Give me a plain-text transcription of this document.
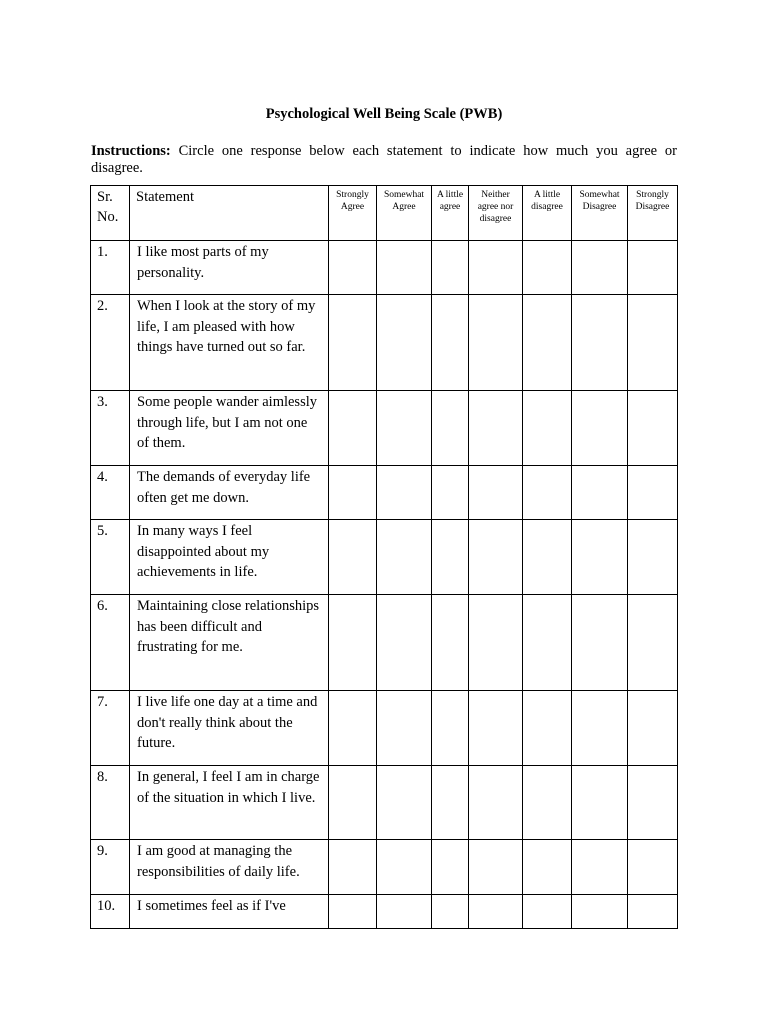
Psychological Well Being Scale (PWB)
Instructions: Circle one response below each statement to indicate how much you agree or disagree.
Sr. No.	Statement	Strongly Agree	Somewhat Agree	A little agree	Neither agree nor disagree	A little disagree	Somewhat Disagree	Strongly Disagree
1.	I like most parts of my personality.							
2.	When I look at the story of my life, I am pleased with how things have turned out so far.							
3.	Some people wander aimlessly through life, but I am not one of them.							
4.	The demands of everyday life often get me down.							
5.	In many ways I feel disappointed about my achievements in life.							
6.	Maintaining close relationships has been difficult and frustrating for me.							
7.	I live life one day at a time and don't really think about the future.							
8.	In general, I feel I am in charge of the situation in which I live.							
9.	I am good at managing the responsibilities of daily life.							
10.	I sometimes feel as if I've							
